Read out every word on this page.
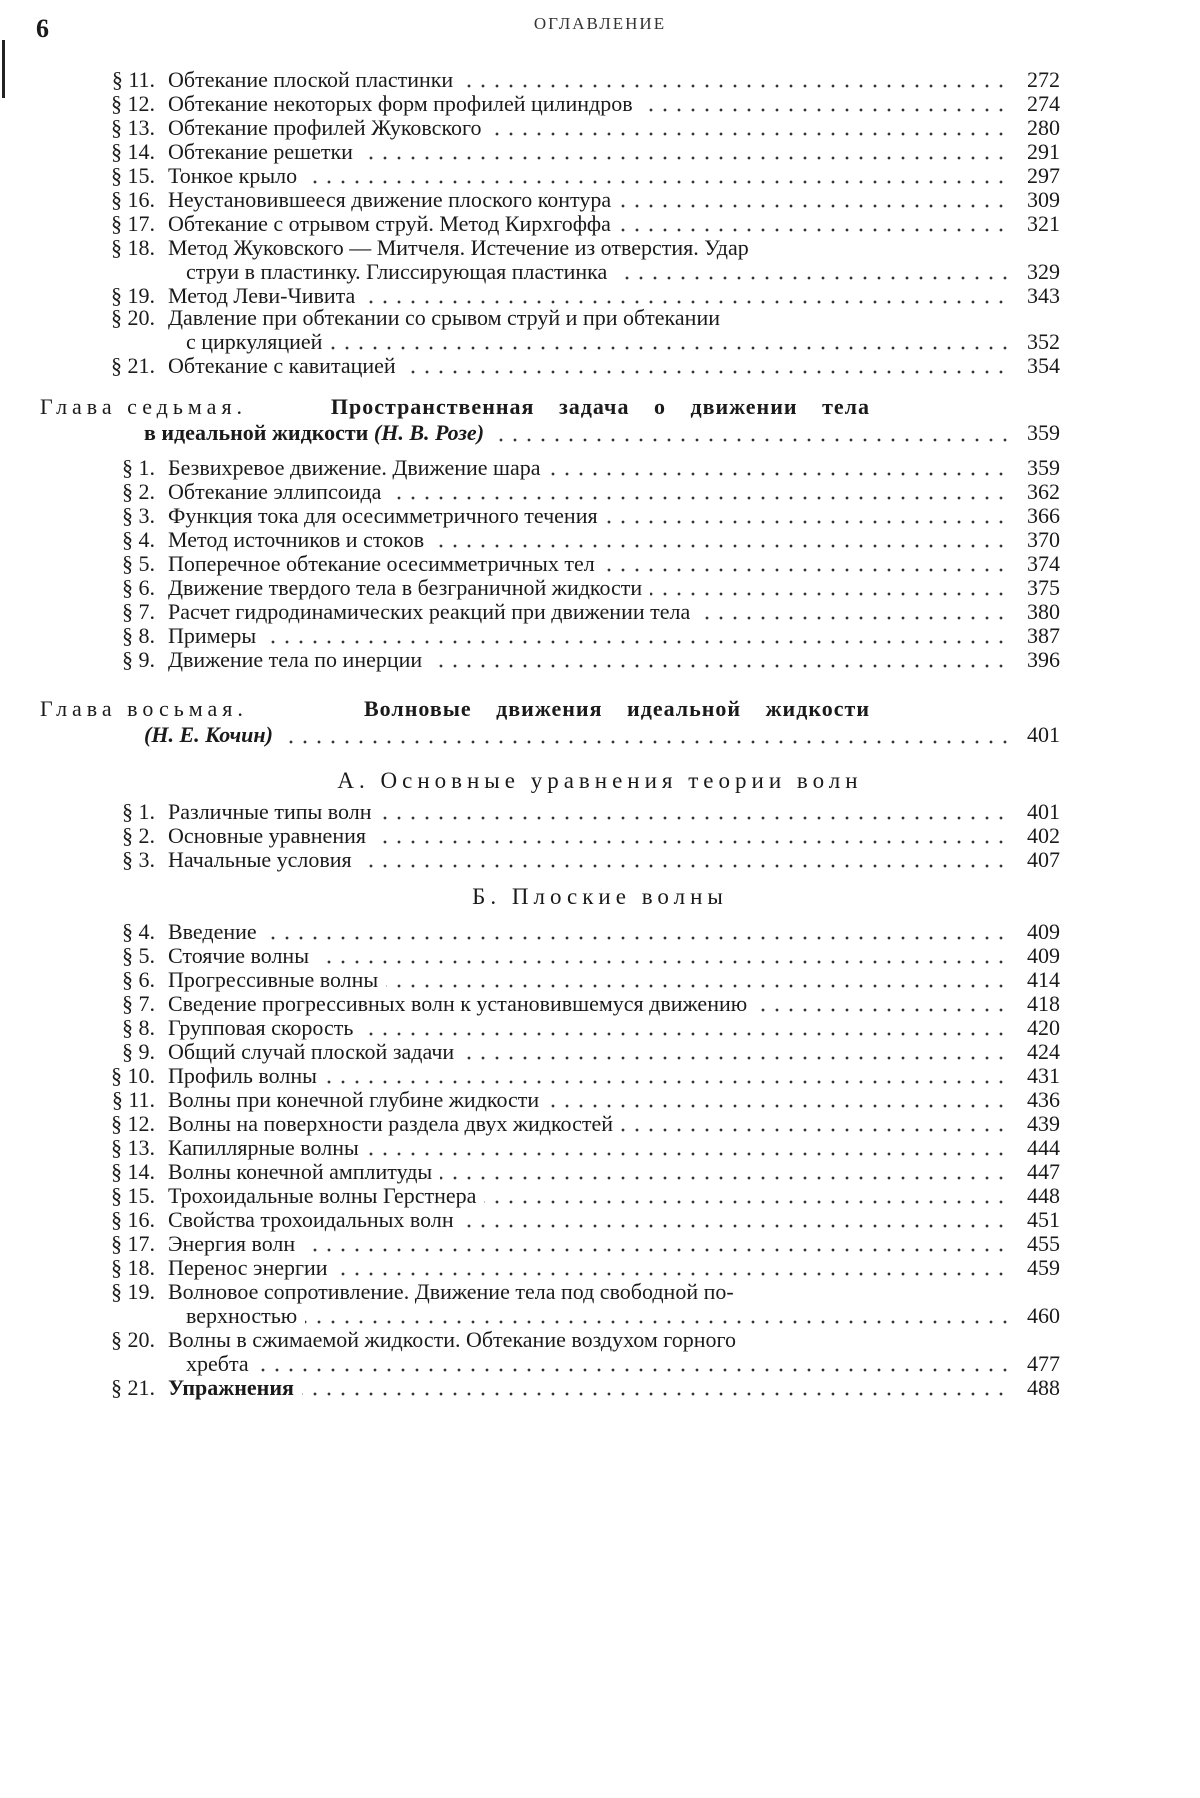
6	ОГЛАВЛЕНИЕ
§ 11. Обтекание плоской пластинки	272
§ 12. Обтекание некоторых форм профилей цилиндров	274
§ 13. Обтекание профилей Жуковского	280
§ 14. Обтекание решетки	291
§ 15. Тонкое крыло	297
§ 16. Неустановившееся движение плоского контура	309
§ 17. Обтекание с отрывом струй. Метод Кирхгоффа	321
§ 18. Метод Жуковского — Митчеля. Истечение из отверстия. Удар
струи в пластинку. Глиссирующая пластинка	329
§ 19. Метод Леви-Чивита	343
§ 20. Давление при обтекании со срывом струй и при обтекании
с циркуляцией	352
§ 21. Обтекание с кавитацией	354
Глава седьмая.	Пространственная задача о движении тела
в идеальной жидкости (Н. В. Розе)	359
§ 1. Безвихревое движение. Движение шара	359
§ 2. Обтекание эллипсоида	362
§ 3. Функция тока для осесимметричного течения	366
§ 4. Метод источников и стоков	370
§ 5. Поперечное обтекание осесимметричных тел	374
§ 6. Движение твердого тела в безграничной жидкости	375
§ 7. Расчет гидродинамических реакций при движении тела	380
§ 8. Примеры	387
§ 9. Движение тела по инерции	396
Глава восьмая.	Волновые движения идеальной жидкости
(Н. Е. Кочин)	401
А. Основные уравнения теории волн
§ 1. Различные типы волн	401
§ 2. Основные уравнения	402
§ 3. Начальные условия	407
Б. Плоские волны
§ 4. Введение	409
§ 5. Стоячие волны	409
§ 6. Прогрессивные волны	414
§ 7. Сведение прогрессивных волн к установившемуся движению	418
§ 8. Групповая скорость	420
§ 9. Общий случай плоской задачи	424
§ 10. Профиль волны	431
§ 11. Волны при конечной глубине жидкости	436
§ 12. Волны на поверхности раздела двух жидкостей	439
§ 13. Капиллярные волны	444
§ 14. Волны конечной амплитуды	447
§ 15. Трохоидальные волны Герстнера	448
§ 16. Свойства трохоидальных волн	451
§ 17. Энергия волн	455
§ 18. Перенос энергии	459
§ 19. Волновое сопротивление. Движение тела под свободной по-
верхностью	460
§ 20. Волны в сжимаемой жидкости. Обтекание воздухом горного
хребта	477
§ 21. Упражнения	488
